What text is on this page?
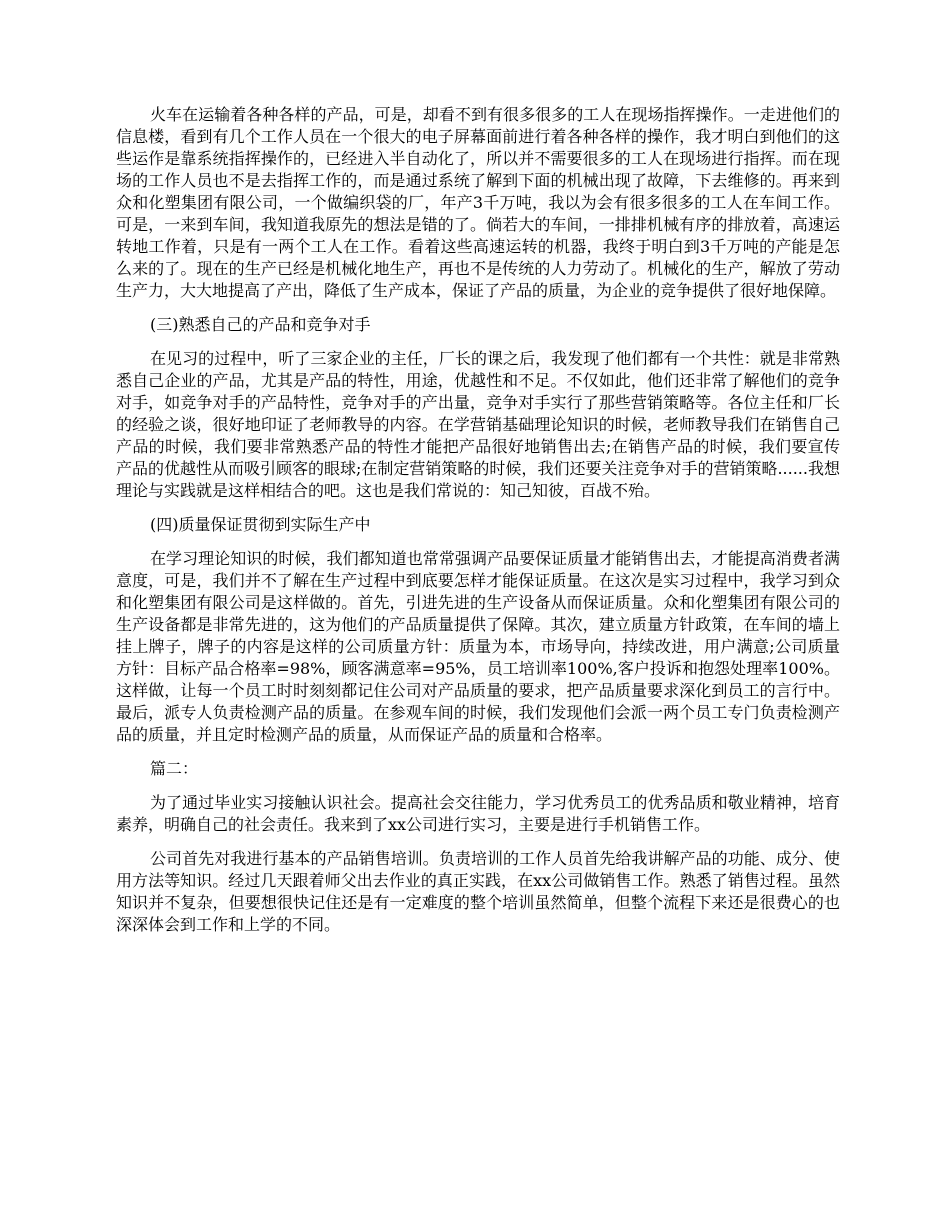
火车在运输着各种各样的产品，可是，却看不到有很多很多的工人在现场指挥操作。一走进他们的信息楼，看到有几个工作人员在一个很大的电子屏幕面前进行着各种各样的操作，我才明白到他们的这些运作是靠系统指挥操作的，已经进入半自动化了，所以并不需要很多的工人在现场进行指挥。而在现场的工作人员也不是去指挥工作的，而是通过系统了解到下面的机械出现了故障，下去维修的。再来到众和化塑集团有限公司，一个做编织袋的厂，年产3千万吨，我以为会有很多很多的工人在车间工作。可是，一来到车间，我知道我原先的想法是错的了。倘若大的车间，一排排机械有序的排放着，高速运转地工作着，只是有一两个工人在工作。看着这些高速运转的机器，我终于明白到3千万吨的产能是怎么来的了。现在的生产已经是机械化地生产，再也不是传统的人力劳动了。机械化的生产，解放了劳动生产力，大大地提高了产出，降低了生产成本，保证了产品的质量，为企业的竞争提供了很好地保障。

(三)熟悉自己的产品和竞争对手

在见习的过程中，听了三家企业的主任，厂长的课之后，我发现了他们都有一个共性：就是非常熟悉自己企业的产品，尤其是产品的特性，用途，优越性和不足。不仅如此，他们还非常了解他们的竞争对手，如竞争对手的产品特性，竞争对手的产出量，竞争对手实行了那些营销策略等。各位主任和厂长的经验之谈，很好地印证了老师教导的内容。在学营销基础理论知识的时候，老师教导我们在销售自己产品的时候，我们要非常熟悉产品的特性才能把产品很好地销售出去;在销售产品的时候，我们要宣传产品的优越性从而吸引顾客的眼球;在制定营销策略的时候，我们还要关注竞争对手的营销策略......我想理论与实践就是这样相结合的吧。这也是我们常说的：知己知彼，百战不殆。

(四)质量保证贯彻到实际生产中

在学习理论知识的时候，我们都知道也常常强调产品要保证质量才能销售出去，才能提高消费者满意度，可是，我们并不了解在生产过程中到底要怎样才能保证质量。在这次是实习过程中，我学习到众和化塑集团有限公司是这样做的。首先，引进先进的生产设备从而保证质量。众和化塑集团有限公司的生产设备都是非常先进的，这为他们的产品质量提供了保障。其次，建立质量方针政策，在车间的墙上挂上牌子，牌子的内容是这样的公司质量方针：质量为本，市场导向，持续改进，用户满意;公司质量方针：目标产品合格率=98%，顾客满意率=95%，员工培训率100%,客户投诉和抱怨处理率100%。这样做，让每一个员工时时刻刻都记住公司对产品质量的要求，把产品质量要求深化到员工的言行中。最后，派专人负责检测产品的质量。在参观车间的时候，我们发现他们会派一两个员工专门负责检测产品的质量，并且定时检测产品的质量，从而保证产品的质量和合格率。

篇二：

为了通过毕业实习接触认识社会。提高社会交往能力，学习优秀员工的优秀品质和敬业精神，培育素养，明确自己的社会责任。我来到了xx公司进行实习，主要是进行手机销售工作。

公司首先对我进行基本的产品销售培训。负责培训的工作人员首先给我讲解产品的功能、成分、使用方法等知识。经过几天跟着师父出去作业的真正实践，在xx公司做销售工作。熟悉了销售过程。虽然知识并不复杂，但要想很快记住还是有一定难度的整个培训虽然简单，但整个流程下来还是很费心的也深深体会到工作和上学的不同。
